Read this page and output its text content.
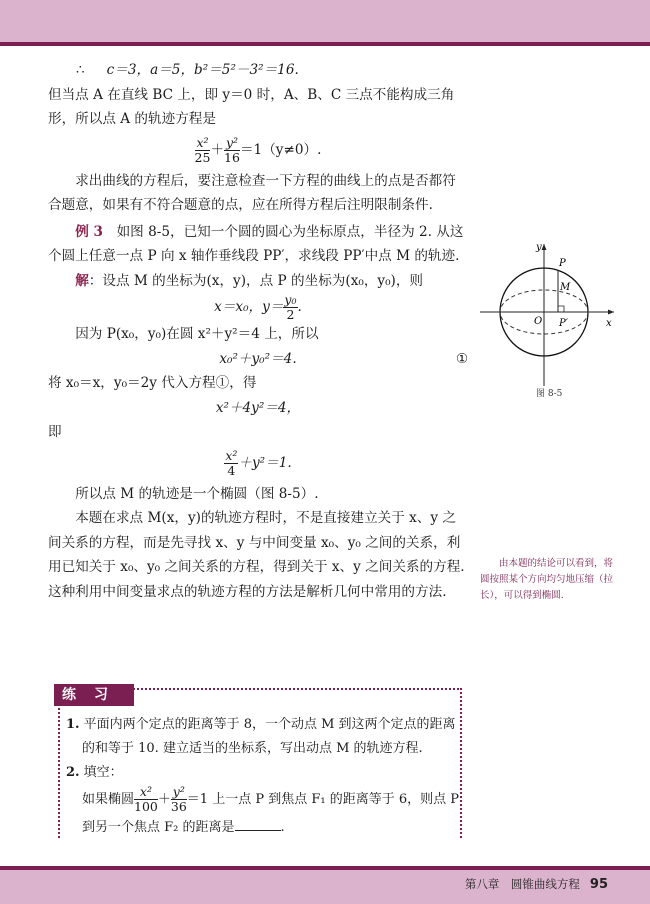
∴ c＝3，a＝5，b²＝5²－3²＝16.

但当点 A 在直线 BC 上，即 y＝0 时，A、B、C 三点不能构成三角形，所以点 A 的轨迹方程是

$\frac{\text{x²}}{25} + \frac{\text{y²}}{16} =1(y\ne 0)$.

求出曲线的方程后，要注意检查一下方程的曲线上的点是否都符合题意，如果有不符合题意的点，应在所得方程后注明限制条件.

例 3　 如图 8-5，已知一个圆的圆心为坐标原点，半径为 2. 从这个圆上任意一点 P 向 x 轴作垂线段 PP′，求线段 PP′中点 M 的轨迹.

解：设点 M 的坐标为(x，y)，点 P 的坐标为(x₀，y₀)，则

x＝x₀，$y= \frac{\text{y₀}}{2}$ .

因为 P(x₀，y₀)在圆 x²＋y²＝4 上，所以

x₀²＋y₀²＝4.	①

将 x₀＝x，y₀＝2y 代入方程①，得

x²＋4y²＝4，

即

$\frac{\text{x²}}{4} +y^2=1$.

所以点 M 的轨迹是一个椭圆（图 8-5）.

本题在求点 M(x，y)的轨迹方程时，不是直接建立关于 x、y 之间关系的方程，而是先寻找 x、y 与中间变量 x₀、y₀ 之间的关系，利用已知关于 x₀、y₀ 之间关系的方程，得到关于 x、y 之间关系的方程. 这种利用中间变量求点的轨迹方程的方法是解析几何中常用的方法.

y
x
O
P
M
P′
图 8-5
由本题的结论可以看到，将圆按照某个方向均匀地压缩（拉长），可以得到椭圆.
练习
1. 平面内两个定点的距离等于 8，一个动点 M 到这两个定点的距离的和等于 10. 建立适当的坐标系，写出动点 M 的轨迹方程.
2. 填空：
如果椭圆 $\frac{\text{x²}}{100} + \frac{\text{y²}}{36} =1$ 上一点 P 到焦点 F₁ 的距离等于 6，则点 P 到另一个焦点 F₂ 的距离是	.
第八章　圆锥曲线方程 95
